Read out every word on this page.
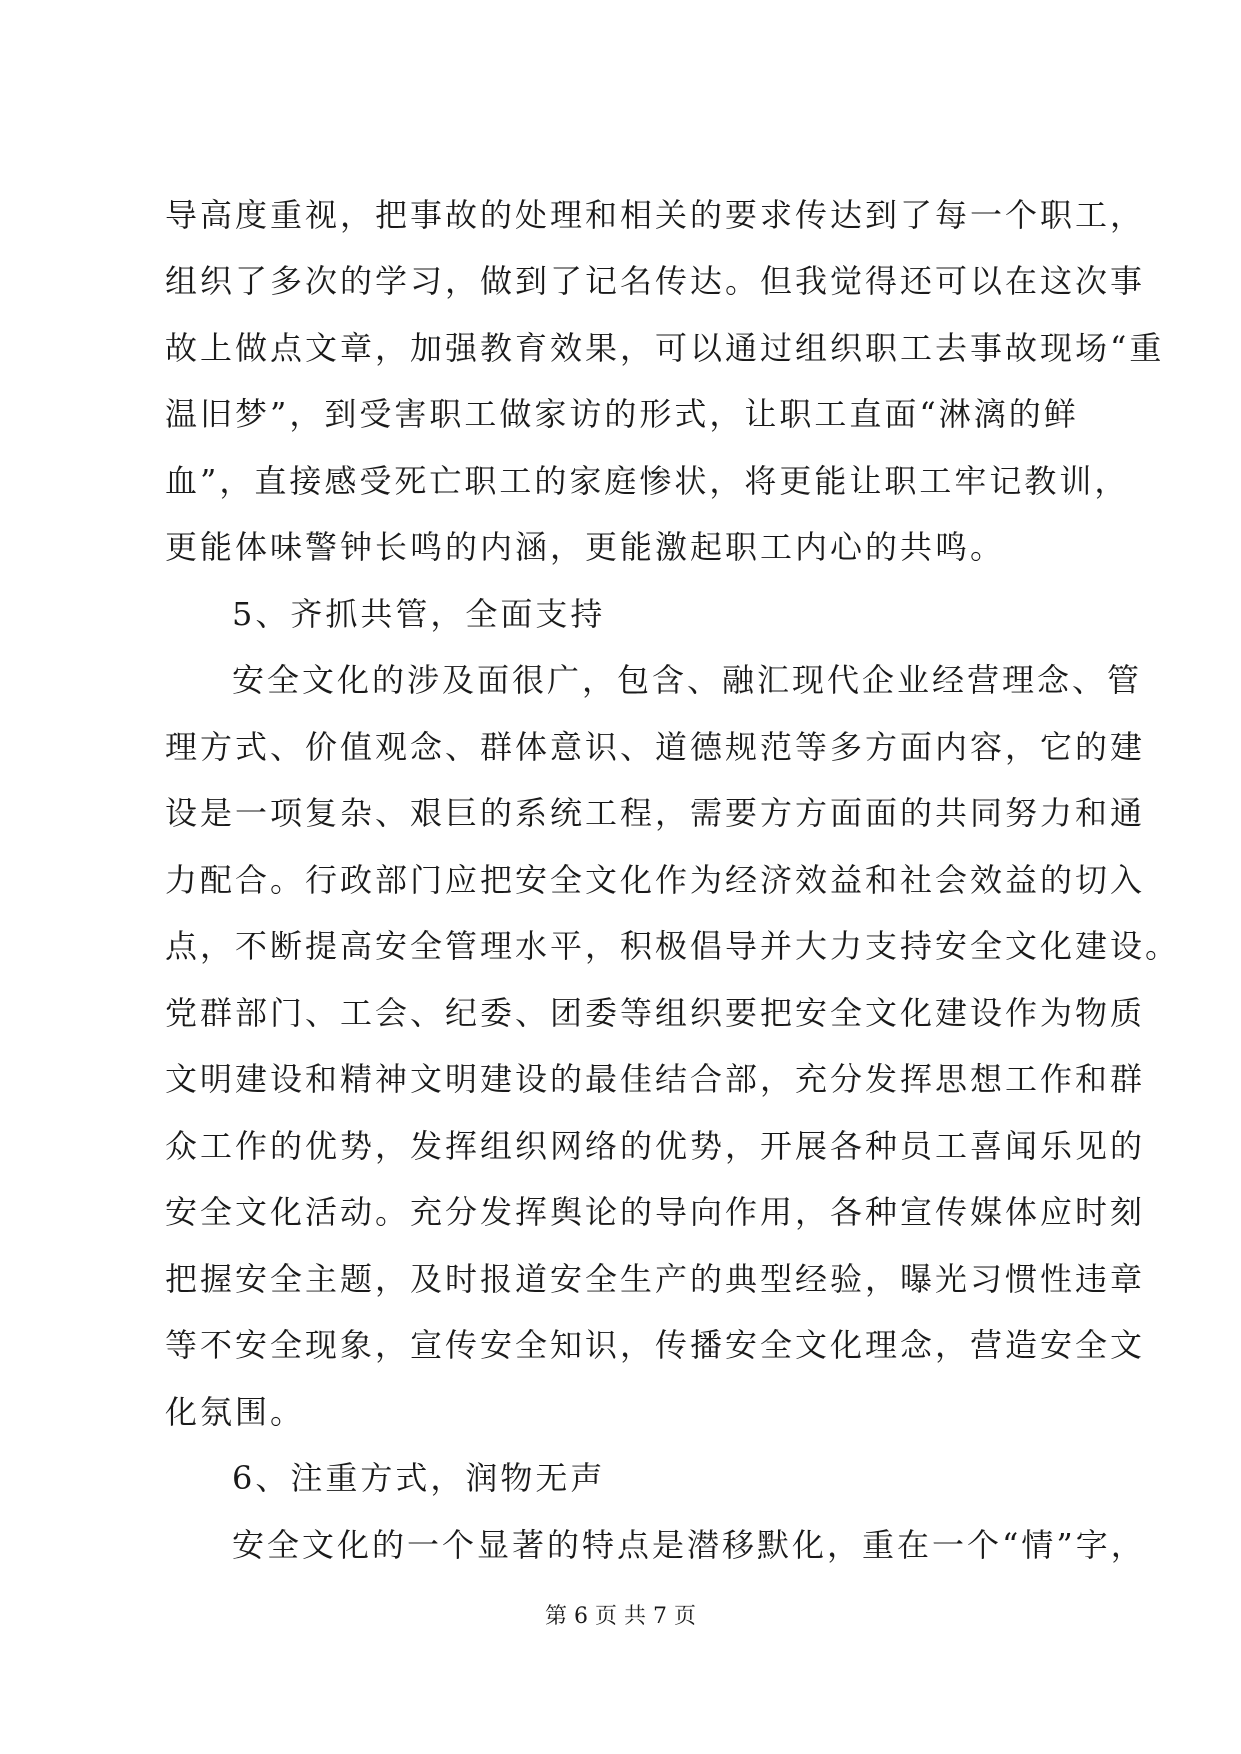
导高度重视，把事故的处理和相关的要求传达到了每一个职工，
组织了多次的学习，做到了记名传达。但我觉得还可以在这次事
故上做点文章，加强教育效果，可以通过组织职工去事故现场“重
温旧梦”，到受害职工做家访的形式，让职工直面“淋漓的鲜
血”，直接感受死亡职工的家庭惨状，将更能让职工牢记教训，
更能体味警钟长鸣的内涵，更能激起职工内心的共鸣。
5、齐抓共管，全面支持
安全文化的涉及面很广，包含、融汇现代企业经营理念、管
理方式、价值观念、群体意识、道德规范等多方面内容，它的建
设是一项复杂、艰巨的系统工程，需要方方面面的共同努力和通
力配合。行政部门应把安全文化作为经济效益和社会效益的切入
点，不断提高安全管理水平，积极倡导并大力支持安全文化建设。
党群部门、工会、纪委、团委等组织要把安全文化建设作为物质
文明建设和精神文明建设的最佳结合部，充分发挥思想工作和群
众工作的优势，发挥组织网络的优势，开展各种员工喜闻乐见的
安全文化活动。充分发挥舆论的导向作用，各种宣传媒体应时刻
把握安全主题，及时报道安全生产的典型经验，曝光习惯性违章
等不安全现象，宣传安全知识，传播安全文化理念，营造安全文
化氛围。
6、注重方式，润物无声
安全文化的一个显著的特点是潜移默化，重在一个“情”字，
第 6 页 共 7 页
